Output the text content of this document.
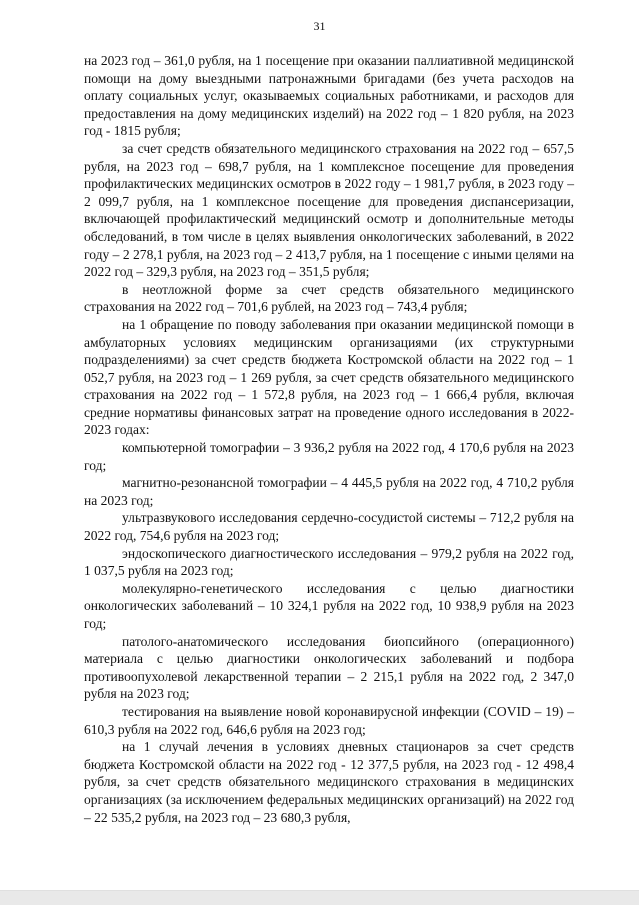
31

на 2023 год – 361,0 рубля, на 1 посещение при оказании паллиативной медицинской помощи на дому выездными патронажными бригадами (без учета расходов на оплату социальных услуг, оказываемых социальных работниками, и расходов для предоставления на дому медицинских изделий) на 2022 год – 1 820 рубля, на 2023 год - 1815 рубля;

за счет средств обязательного медицинского страхования на 2022 год – 657,5 рубля, на 2023 год – 698,7 рубля, на 1 комплексное посещение для проведения профилактических медицинских осмотров в 2022 году – 1 981,7 рубля, в 2023 году – 2 099,7 рубля, на 1 комплексное посещение для проведения диспансеризации, включающей профилактический медицинский осмотр и дополнительные методы обследований, в том числе в целях выявления онкологических заболеваний, в 2022 году – 2 278,1 рубля, на 2023 год – 2 413,7 рубля, на 1 посещение с иными целями на 2022 год – 329,3 рубля, на 2023 год – 351,5 рубля;

в неотложной форме за счет средств обязательного медицинского страхования на 2022 год – 701,6 рублей, на 2023 год – 743,4 рубля;

на 1 обращение по поводу заболевания при оказании медицинской помощи в амбулаторных условиях медицинским организациями (их структурными подразделениями) за счет средств бюджета Костромской области на 2022 год – 1 052,7 рубля, на 2023 год – 1 269 рубля, за счет средств обязательного медицинского страхования на 2022 год – 1 572,8 рубля, на 2023 год – 1 666,4 рубля, включая средние нормативы финансовых затрат на проведение одного исследования в 2022-2023 годах:

компьютерной томографии – 3 936,2 рубля на 2022 год, 4 170,6 рубля на 2023 год;

магнитно-резонансной томографии – 4 445,5 рубля на 2022 год, 4 710,2 рубля на 2023 год;

ультразвукового исследования сердечно-сосудистой системы – 712,2 рубля на 2022 год, 754,6 рубля на 2023 год;

эндоскопического диагностического исследования – 979,2 рубля на 2022 год, 1 037,5 рубля на 2023 год;

молекулярно-генетического исследования с целью диагностики онкологических заболеваний – 10 324,1 рубля на 2022 год, 10 938,9 рубля на 2023 год;

патолого-анатомического исследования биопсийного (операционного) материала с целью диагностики онкологических заболеваний и подбора противоопухолевой лекарственной терапии – 2 215,1 рубля на 2022 год, 2 347,0 рубля на 2023 год;

тестирования на выявление новой коронавирусной инфекции (COVID – 19) – 610,3 рубля на 2022 год, 646,6 рубля на 2023 год;

на 1 случай лечения в условиях дневных стационаров за счет средств бюджета Костромской области на 2022 год - 12 377,5 рубля, на 2023 год - 12 498,4 рубля, за счет средств обязательного медицинского страхования в медицинских организациях (за исключением федеральных медицинских организаций) на 2022 год – 22 535,2 рубля, на 2023 год – 23 680,3 рубля,
